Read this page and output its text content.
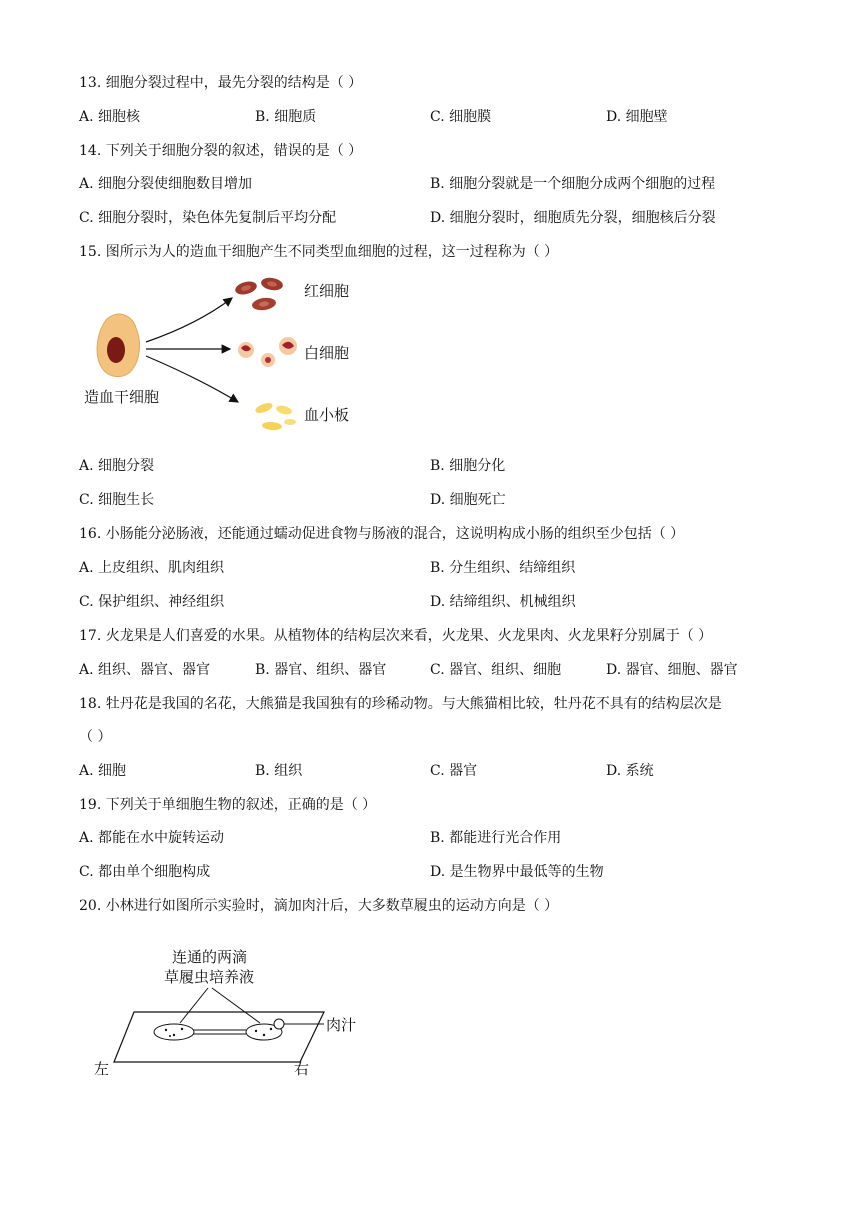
13. 细胞分裂过程中，最先分裂的结构是（ ）
A. 细胞核	B. 细胞质	C. 细胞膜	D. 细胞壁
14. 下列关于细胞分裂的叙述，错误的是（ ）
A. 细胞分裂使细胞数目增加	B. 细胞分裂就是一个细胞分成两个细胞的过程
C. 细胞分裂时，染色体先复制后平均分配	D. 细胞分裂时，细胞质先分裂，细胞核后分裂
15. 图所示为人的造血干细胞产生不同类型血细胞的过程，这一过程称为（ ）
造血干细胞
红细胞
白细胞
血小板
A. 细胞分裂	B. 细胞分化
C. 细胞生长	D. 细胞死亡
16. 小肠能分泌肠液，还能通过蠕动促进食物与肠液的混合，这说明构成小肠的组织至少包括（ ）
A. 上皮组织、肌肉组织	B. 分生组织、结缔组织
C. 保护组织、神经组织	D. 结缔组织、机械组织
17. 火龙果是人们喜爱的水果。从植物体的结构层次来看，火龙果、火龙果肉、火龙果籽分别属于（ ）
A. 组织、器官、器官	B. 器官、组织、器官	C. 器官、组织、细胞	D. 器官、细胞、器官
18. 牡丹花是我国的名花，大熊猫是我国独有的珍稀动物。与大熊猫相比较，牡丹花不具有的结构层次是
（ ）
A. 细胞	B. 组织	C. 器官	D. 系统
19. 下列关于单细胞生物的叙述，正确的是（ ）
A. 都能在水中旋转运动	B. 都能进行光合作用
C. 都由单个细胞构成	D. 是生物界中最低等的生物
20. 小林进行如图所示实验时，滴加肉汁后，大多数草履虫的运动方向是（ ）
连通的两滴
草履虫培养液
肉汁
左	右
